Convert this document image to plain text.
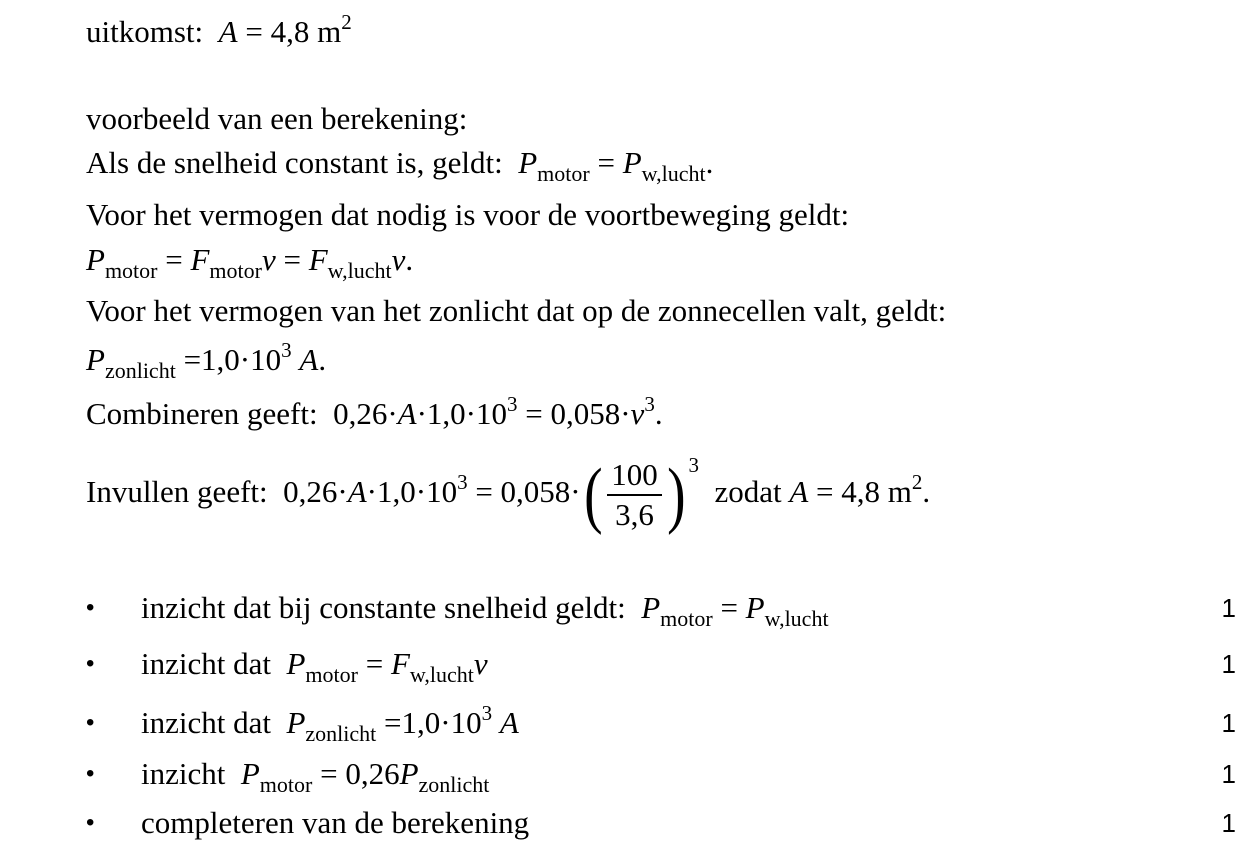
uitkomst: A = 4,8 $m^2$
voorbeeld van een berekening:
Als de snelheid constant is, geldt: $P_{motor} = P_{w,lucht}$.
Voor het vermogen dat nodig is voor de voortbeweging geldt:
$P_{motor} = F_{motor}v = F_{w,lucht}v$.
Voor het vermogen van het zonlicht dat op de zonnecellen valt, geldt:
$P_{zonlicht} =1,0\cdot 10^3$ A.
Combineren geeft: $0,26\cdot A\cdot 1,0\cdot 10^3 = 0,058\cdot v^3$.
Invullen geeft: $0,26\cdot A\cdot 1,0\cdot 10^3 = 0,058\cdot( \frac{100}{3,6}$ ) $^3$  zodat A = 4,8 $m^2$.
• inzicht dat bij constante snelheid geldt: $P_{motor} = P_{w,lucht}$	1
• inzicht dat $P_{motor} = F_{w,lucht}v$	1
• inzicht dat $P_{zonlicht} =1,0\cdot 10^3$ A	1
• inzicht $P_{motor} = 0,26P_{zonlicht}$	1
• completeren van de berekening	1
